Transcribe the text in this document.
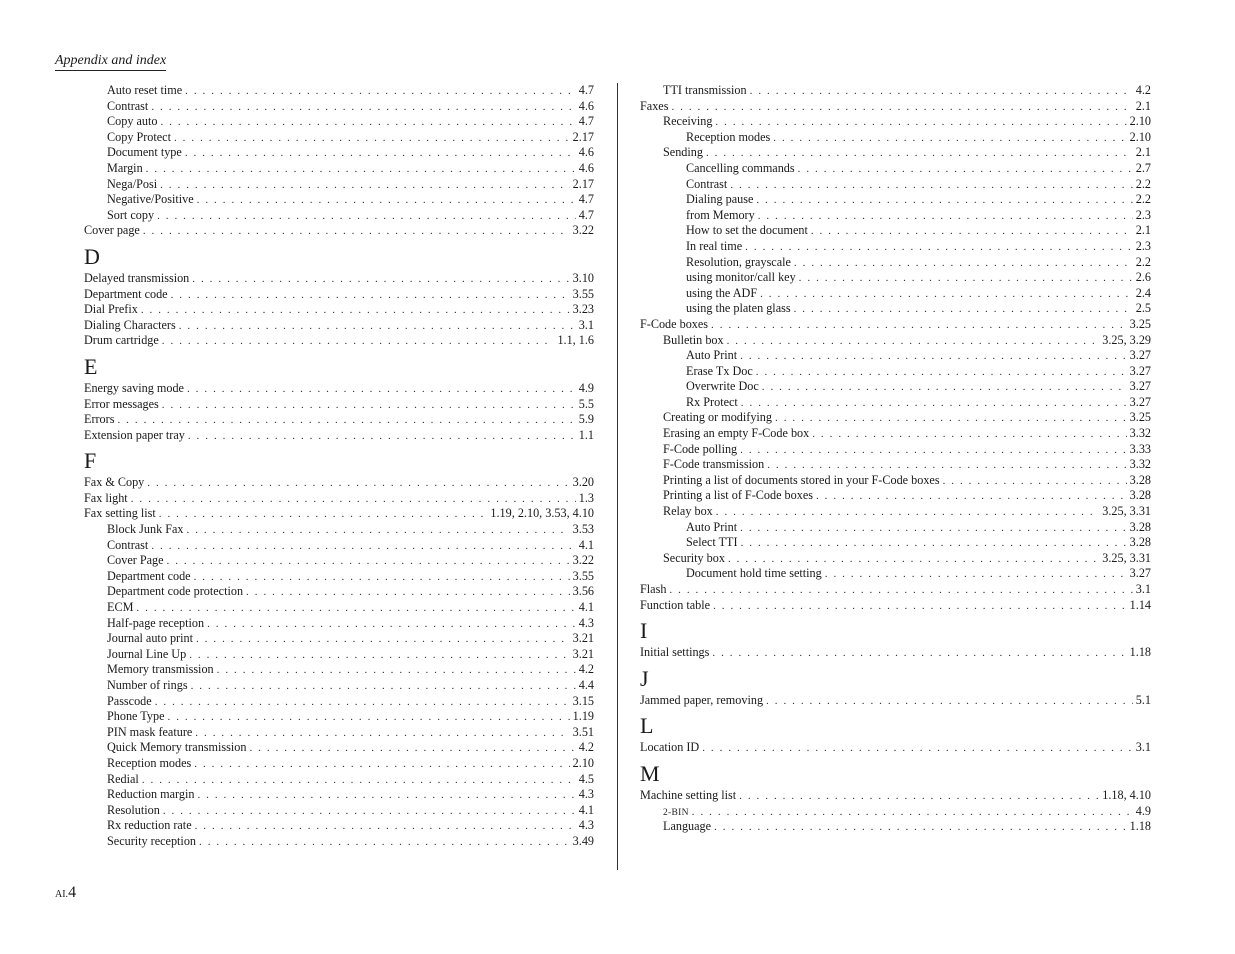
Appendix and index
Auto reset time . . .	4.7
Contrast . . .	4.6
Copy auto . . .	4.7
Copy Protect . . .	2.17
Document type . . .	4.6
Margin . . .	4.6
Nega/Posi . . .	2.17
Negative/Positive . . .	4.7
Sort copy . . .	4.7
Cover page . . .	3.22
D
Delayed transmission . . .	3.10
Department code . . .	3.55
Dial Prefix . . .	3.23
Dialing Characters . . .	3.1
Drum cartridge . . .	1.1, 1.6
E
Energy saving mode . . .	4.9
Error messages . . .	5.5
Errors . . .	5.9
Extension paper tray . . .	1.1
F
Fax & Copy . . .	3.20
Fax light . . .	1.3
Fax setting list . . .	1.19, 2.10, 3.53, 4.10
Block Junk Fax . . .	3.53
Contrast . . .	4.1
Cover Page . . .	3.22
Department code . . .	3.55
Department code protection . . .	3.56
ECM . . .	4.1
Half-page reception . . .	4.3
Journal auto print . . .	3.21
Journal Line Up . . .	3.21
Memory transmission . . .	4.2
Number of rings . . .	4.4
Passcode . . .	3.15
Phone Type . . .	1.19
PIN mask feature . . .	3.51
Quick Memory transmission . . .	4.2
Reception modes . . .	2.10
Redial . . .	4.5
Reduction margin . . .	4.3
Resolution . . .	4.1
Rx reduction rate . . .	4.3
Security reception . . .	3.49
TTI transmission . . .	4.2
Faxes . . .	2.1
Receiving . . .	2.10
Reception modes . . .	2.10
Sending . . .	2.1
Cancelling commands . . .	2.7
Contrast . . .	2.2
Dialing pause . . .	2.2
from Memory . . .	2.3
How to set the document . . .	2.1
In real time . . .	2.3
Resolution, grayscale . . .	2.2
using monitor/call key . . .	2.6
using the ADF . . .	2.4
using the platen glass . . .	2.5
F-Code boxes . . .	3.25
Bulletin box . . .	3.25, 3.29
Auto Print . . .	3.27
Erase Tx Doc . . .	3.27
Overwrite Doc . . .	3.27
Rx Protect . . .	3.27
Creating or modifying . . .	3.25
Erasing an empty F-Code box . . .	3.32
F-Code polling . . .	3.33
F-Code transmission . . .	3.32
Printing a list of documents stored in your F-Code boxes . . .	3.28
Printing a list of F-Code boxes . . .	3.28
Relay box . . .	3.25, 3.31
Auto Print . . .	3.28
Select TTI . . .	3.28
Security box . . .	3.25, 3.31
Document hold time setting . . .	3.27
Flash . . .	3.1
Function table . . .	1.14
I
Initial settings . . .	1.18
J
Jammed paper, removing . . .	5.1
L
Location ID . . .	3.1
M
Machine setting list . . .	1.18, 4.10
2-BIN . . .	4.9
Language . . .	1.18
AI.4
